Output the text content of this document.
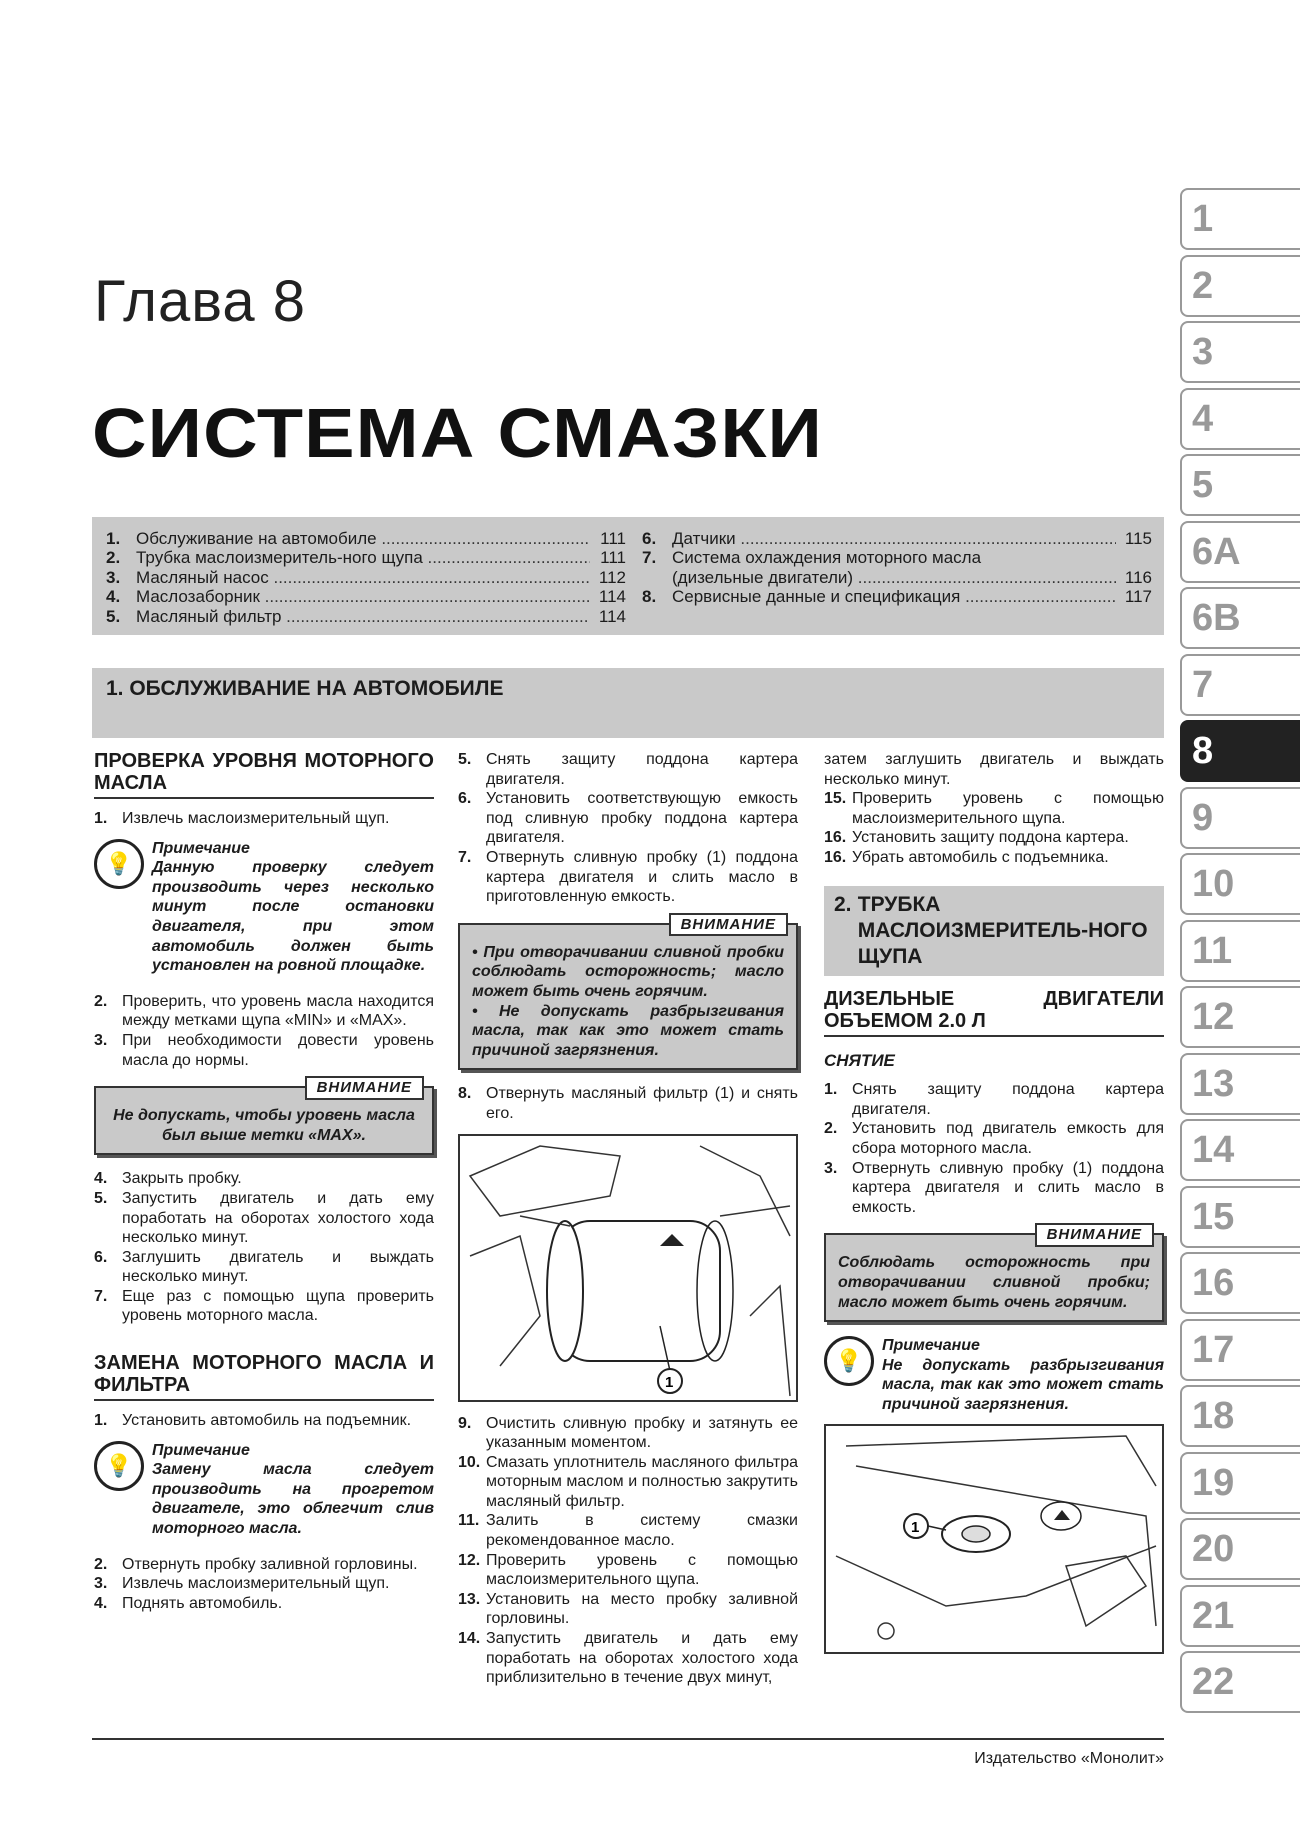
Глава 8
СИСТЕМА СМАЗКИ
1. Обслуживание на автомобиле .....	111
2. Трубка маслоизмеритель-ного щупа .....	111
3. Масляный насос .....	112
4. Маслозаборник .....	114
5. Масляный фильтр .....	114
6. Датчики .....	115
7. Система охлаждения моторного масла
(дизельные двигатели) .....	116
8. Сервисные данные и спецификация .....	117
1. ОБСЛУЖИВАНИЕ НА АВТОМОБИЛЕ
ПРОВЕРКА УРОВНЯ МОТОРНОГО МАСЛА
1. Извлечь маслоизмерительный щуп.
💡
Примечание
Данную проверку следует производить через несколько минут после остановки двигателя, при этом автомобиль должен быть установлен на ровной площадке.
2. Проверить, что уровень масла находится между метками щупа «MIN» и «MAX».
3. При необходимости довести уровень масла до нормы.
ВНИМАНИЕ
Не допускать, чтобы уровень масла был выше метки «MAX».
4. Закрыть пробку.
5. Запустить двигатель и дать ему поработать на оборотах холостого хода несколько минут.
6. Заглушить двигатель и выждать несколько минут.
7. Еще раз с помощью щупа проверить уровень моторного масла.
ЗАМЕНА МОТОРНОГО МАСЛА И ФИЛЬТРА
1. Установить автомобиль на подъемник.
💡
Примечание
Замену масла следует производить на прогретом двигателе, это облегчит слив моторного масла.
2. Отвернуть пробку заливной горловины.
3. Извлечь маслоизмерительный щуп.
4. Поднять автомобиль.
5. Снять защиту поддона картера двигателя.
6. Установить соответствующую емкость под сливную пробку поддона картера двигателя.
7. Отвернуть сливную пробку (1) поддона картера двигателя и слить масло в приготовленную емкость.
ВНИМАНИЕ
• При отворачивании сливной пробки соблюдать осторожность; масло может быть очень горячим.
• Не допускать разбрызгивания масла, так как это может стать причиной загрязнения.
8. Отвернуть масляный фильтр (1) и снять его.
1
9. Очистить сливную пробку и затянуть ее указанным моментом.
10. Смазать уплотнитель масляного фильтра моторным маслом и полностью закрутить масляный фильтр.
11. Залить в систему смазки рекомендованное масло.
12. Проверить уровень с помощью маслоизмерительного щупа.
13. Установить на место пробку заливной горловины.
14. Запустить двигатель и дать ему поработать на оборотах холостого хода приблизительно в течение двух минут,
затем заглушить двигатель и выждать несколько минут.
15. Проверить уровень с помощью маслоизмерительного щупа.
16. Установить защиту поддона картера.
16. Убрать автомобиль с подъемника.
2. ТРУБКА МАСЛОИЗМЕРИТЕЛЬ-НОГО ЩУПА
ДИЗЕЛЬНЫЕ ДВИГАТЕЛИ ОБЪЕМОМ 2.0 Л
СНЯТИЕ
1. Снять защиту поддона картера двигателя.
2. Установить под двигатель емкость для сбора моторного масла.
3. Отвернуть сливную пробку (1) поддона картера двигателя и слить масло в емкость.
ВНИМАНИЕ
Соблюдать осторожность при отворачивании сливной пробки; масло может быть очень горячим.
💡
Примечание
Не допускать разбрызгивания масла, так как это может стать причиной загрязнения.
1
1
2
3
4
5
6A
6B
7
8
9
10
11
12
13
14
15
16
17
18
19
20
21
22
Издательство «Монолит»
